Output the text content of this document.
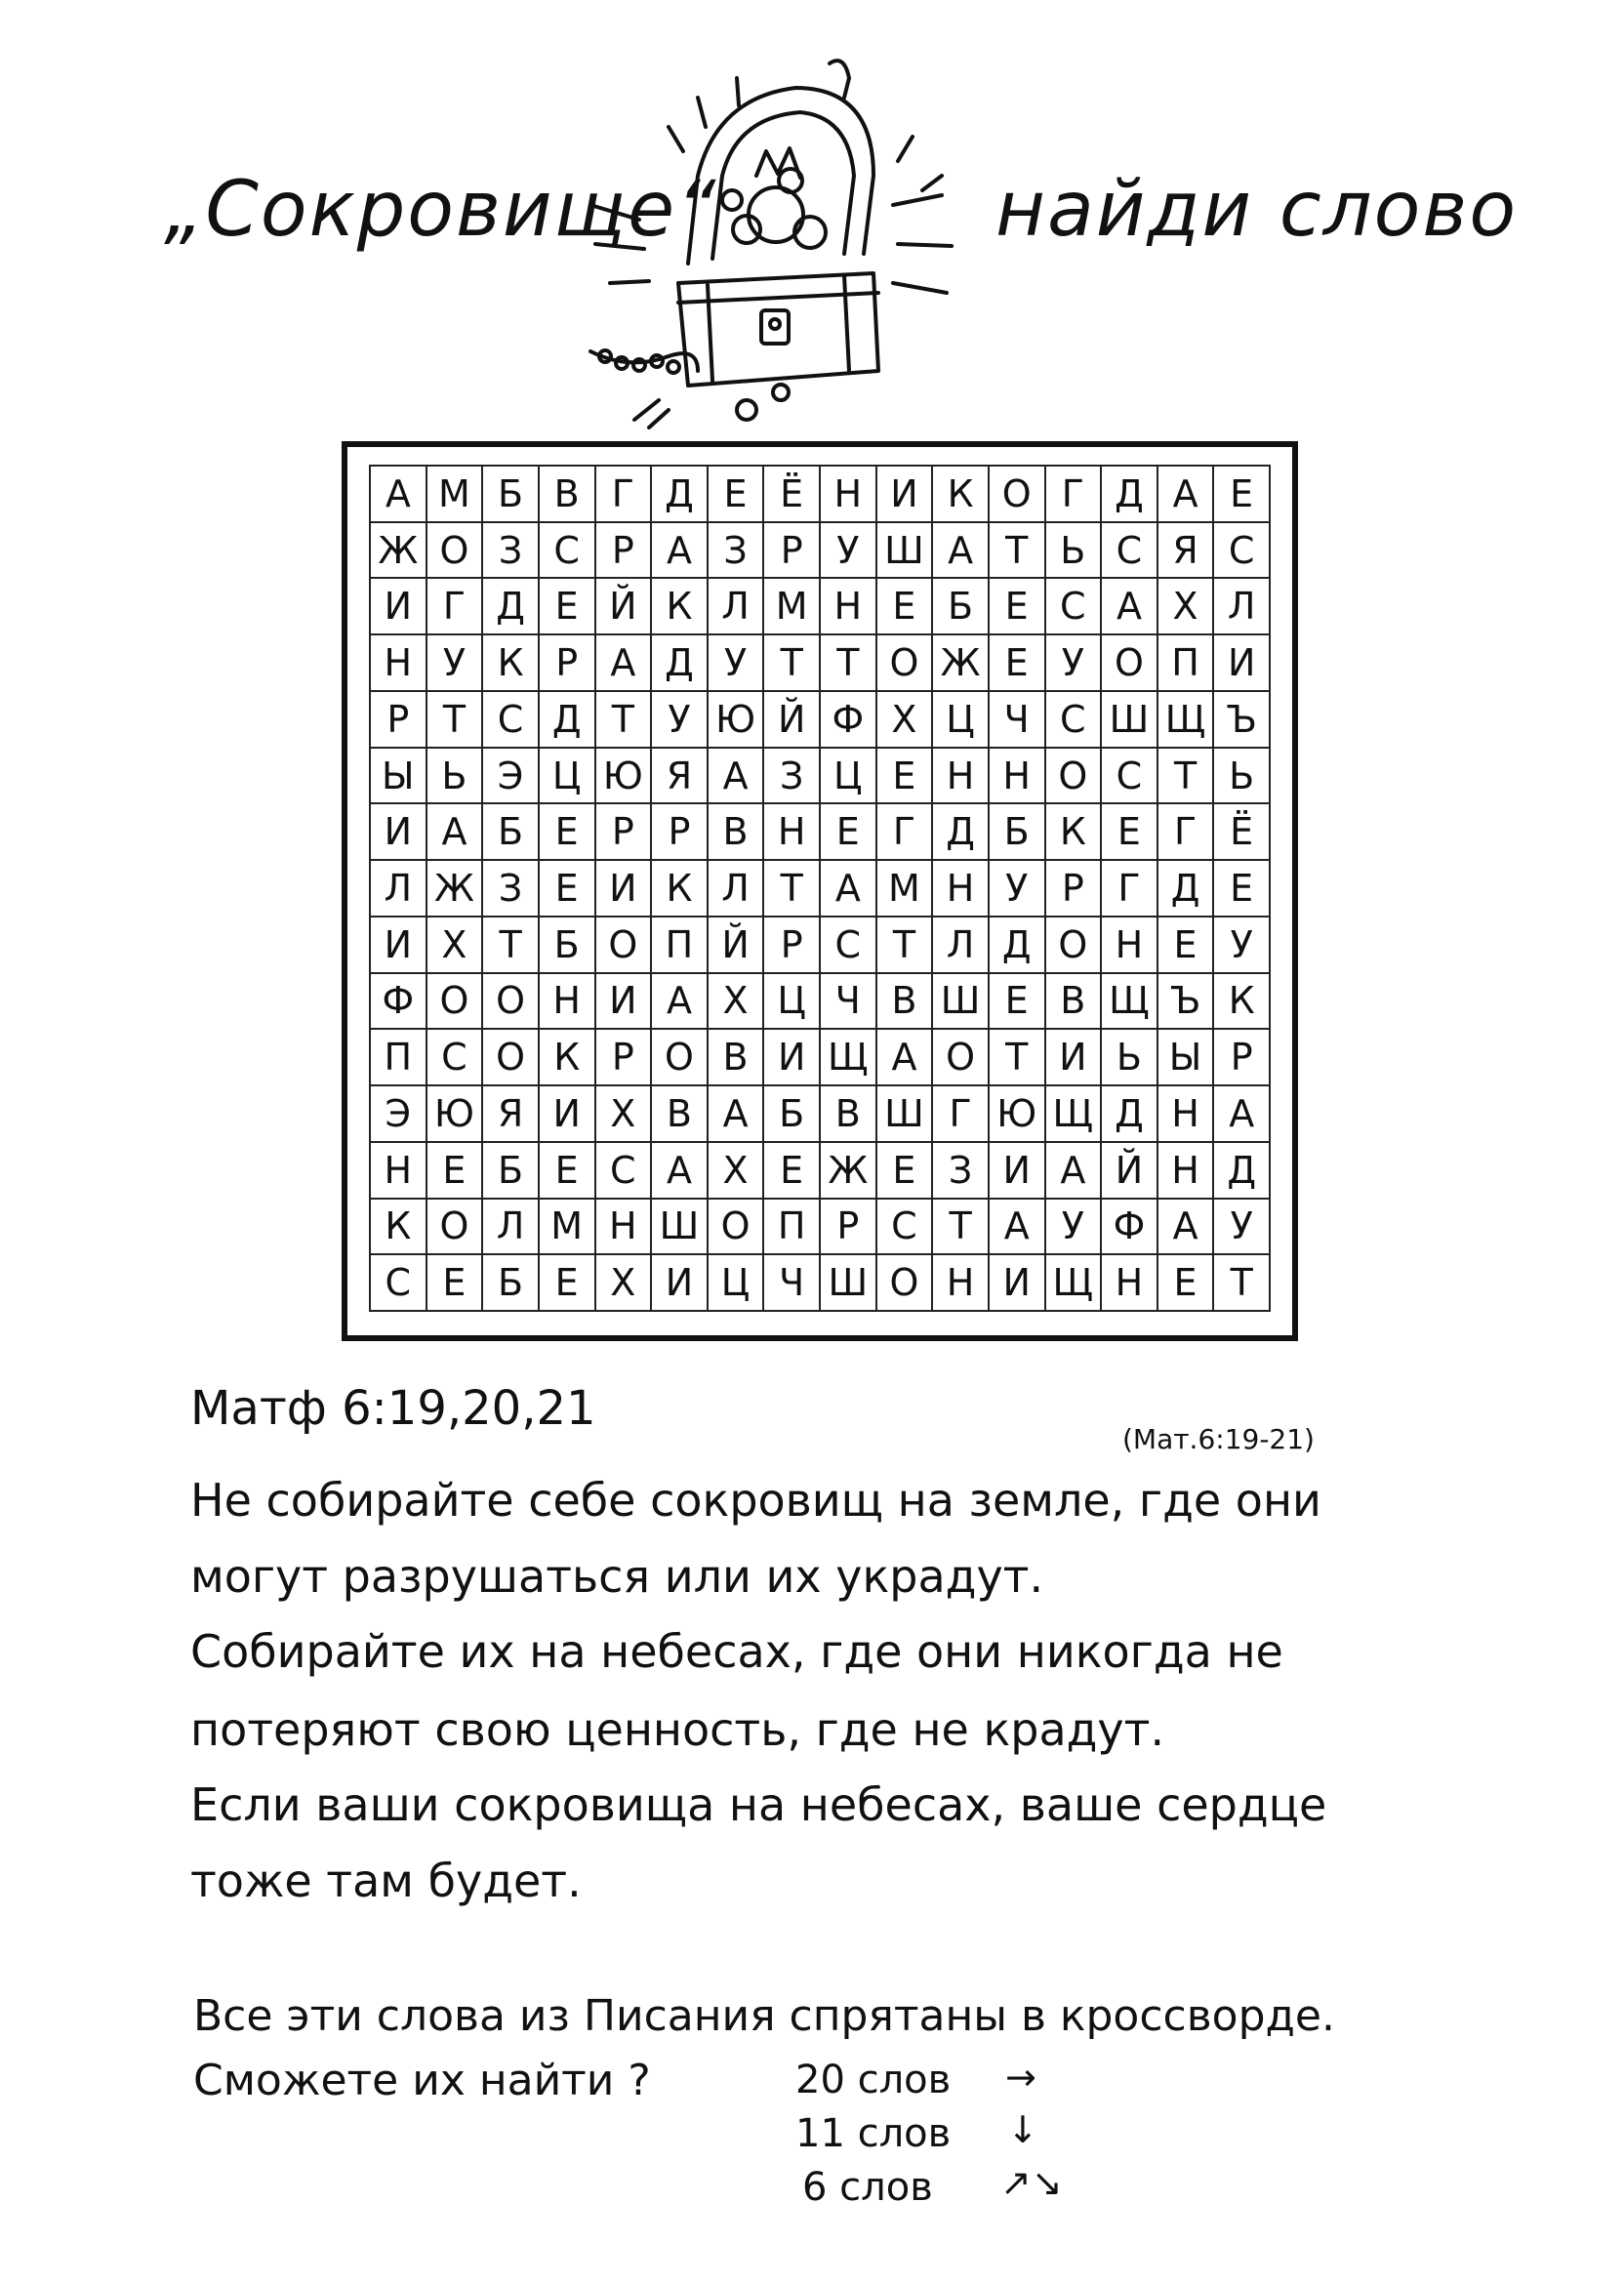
„Сокровище“	найди слово
А М Б В Г Д Е Ё Н И К О Г Д А Е
Ж О З С Р А З Р У Ш А Т Ь С Я С
И Г Д Е Й К Л М Н Е Б Е С А Х Л
Н У К Р А Д У Т Т О Ж Е У О П И
Р Т С Д Т У Ю Й Ф Х Ц Ч С Ш Щ Ъ
Ы Ь Э Ц Ю Я А З Ц Е Н Н О С Т Ь
И А Б Е Р Р В Н Е Г Д Б К Е Г Ё
Л Ж З Е И К Л Т А М Н У Р Г Д Е
И Х Т Б О П Й Р С Т Л Д О Н Е У
Ф О О Н И А Х Ц Ч В Ш Е В Щ Ъ К
П С О К Р О В И Щ А О Т И Ь Ы Р
Э Ю Я И Х В А Б В Ш Г Ю Щ Д Н А
Н Е Б Е С А Х Е Ж Е З И А Й Н Д
К О Л М Н Ш О П Р С Т А У Ф А У
С Е Б Е Х И Ц Ч Ш О Н И Щ Н Е Т
Матф 6:19,20,21
(Мат.6:19-21)
Не собирайте себе сокровищ на земле, где они
могут разрушаться или их украдут.
Собирайте их на небесах, где они никогда не
потеряют свою ценность, где не крадут.
Если ваши сокровища на небесах, ваше сердце
тоже там будет.
Все эти слова из Писания спрятаны в кроссворде.
Сможете их найти ?	20 слов →
11 слов ↓
6 слов ↗↘
